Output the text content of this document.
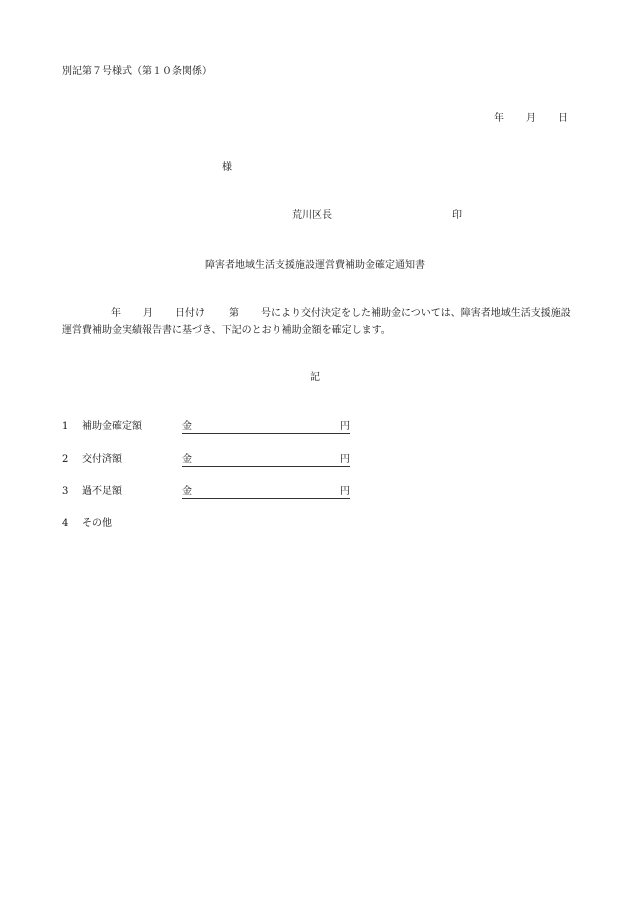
別記第７号様式（第１０条関係）
年 月 日
様
荒川区長	印
障害者地域生活支援施設運営費補助金確定通知書
年 月 日付け 第 号により交付決定をした補助金については、障害者地域生活支援施設運営費補助金実績報告書に基づき、下記のとおり補助金額を確定します。
記
1 補助金確定額	金	円
2 交付済額	金	円
3 過不足額	金	円
4 その他
